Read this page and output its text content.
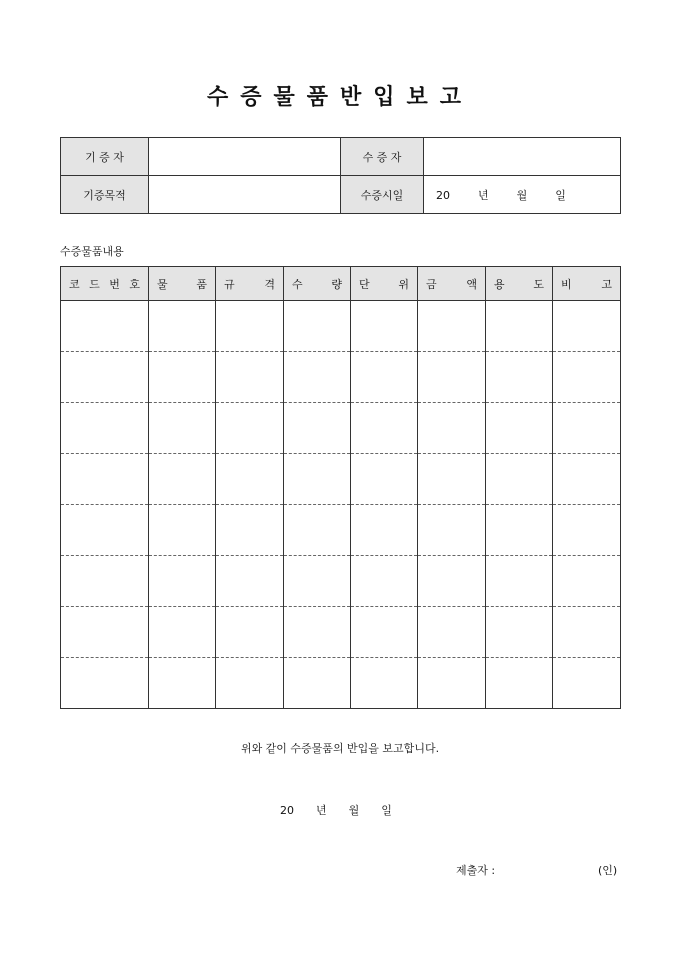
수증물품반입보고
기 증 자		수 증 자	
기증목적		수증시일	20 년 월 일
수증물품내용
코 드 번 호	물 품	규 격	수 량	단 위	금 액	용 도	비 고

위와 같이 수증물품의 반입을 보고합니다.
20 년 월 일
제출자 :	(인)
